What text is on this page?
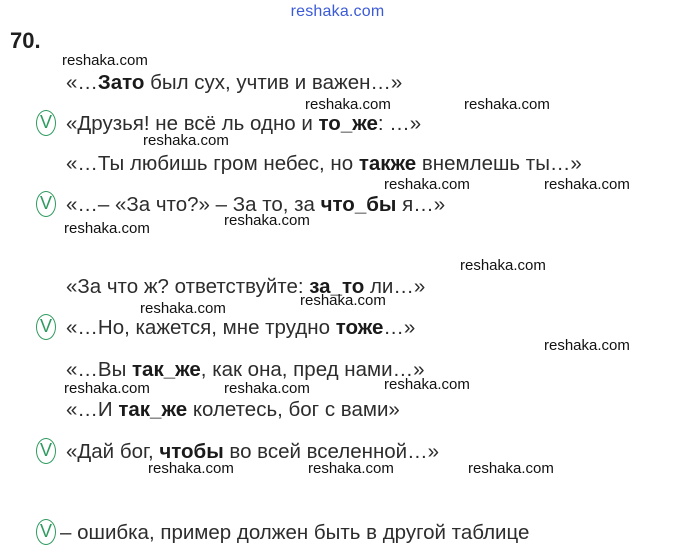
reshaka.com
70.
«…Зато был сух, учтив и важен…»
«Друзья! не всё ль одно и то_же: …»
«…Ты любишь гром небес, но также внемлешь ты…»
«…– «За что?» – За то, за что_бы я…»
«За что ж? ответствуйте: за_то ли…»
«…Но, кажется, мне трудно тоже…»
«…Вы так_же, как она, пред нами…»
«…И так_же колетесь, бог с вами»
«Дай бог, чтобы во всей вселенной…»
– ошибка, пример должен быть в другой таблице
V
V
V
V
V
reshaka.com
reshaka.com	reshaka.com
reshaka.com
reshaka.com	reshaka.com
reshaka.com
reshaka.com
reshaka.com
reshaka.com
reshaka.com
reshaka.com
reshaka.com
reshaka.com	reshaka.com
reshaka.com	reshaka.com	reshaka.com
